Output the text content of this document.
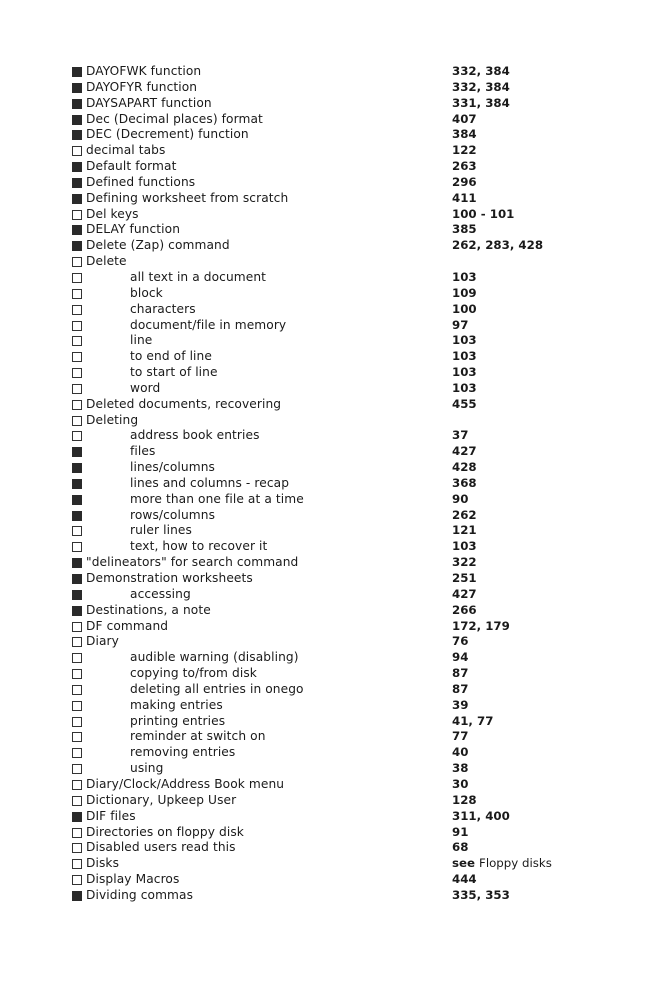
DAYOFWK function	332, 384
DAYOFYR function	332, 384
DAYSAPART function	331, 384
Dec (Decimal places) format	407
DEC (Decrement) function	384
decimal tabs	122
Default format	263
Defined functions	296
Defining worksheet from scratch	411
Del keys	100 - 101
DELAY function	385
Delete (Zap) command	262, 283, 428
Delete
all text in a document	103
block	109
characters	100
document/file in memory	97
line	103
to end of line	103
to start of line	103
word	103
Deleted documents, recovering	455
Deleting
address book entries	37
files	427
lines/columns	428
lines and columns - recap	368
more than one file at a time	90
rows/columns	262
ruler lines	121
text, how to recover it	103
"delineators" for search command	322
Demonstration worksheets	251
accessing	427
Destinations, a note	266
DF command	172, 179
Diary	76
audible warning (disabling)	94
copying to/from disk	87
deleting all entries in onego	87
making entries	39
printing entries	41, 77
reminder at switch on	77
removing entries	40
using	38
Diary/Clock/Address Book menu	30
Dictionary, Upkeep User	128
DIF files	311, 400
Directories on floppy disk	91
Disabled users read this	68
Disks	see Floppy disks
Display Macros	444
Dividing commas	335, 353
